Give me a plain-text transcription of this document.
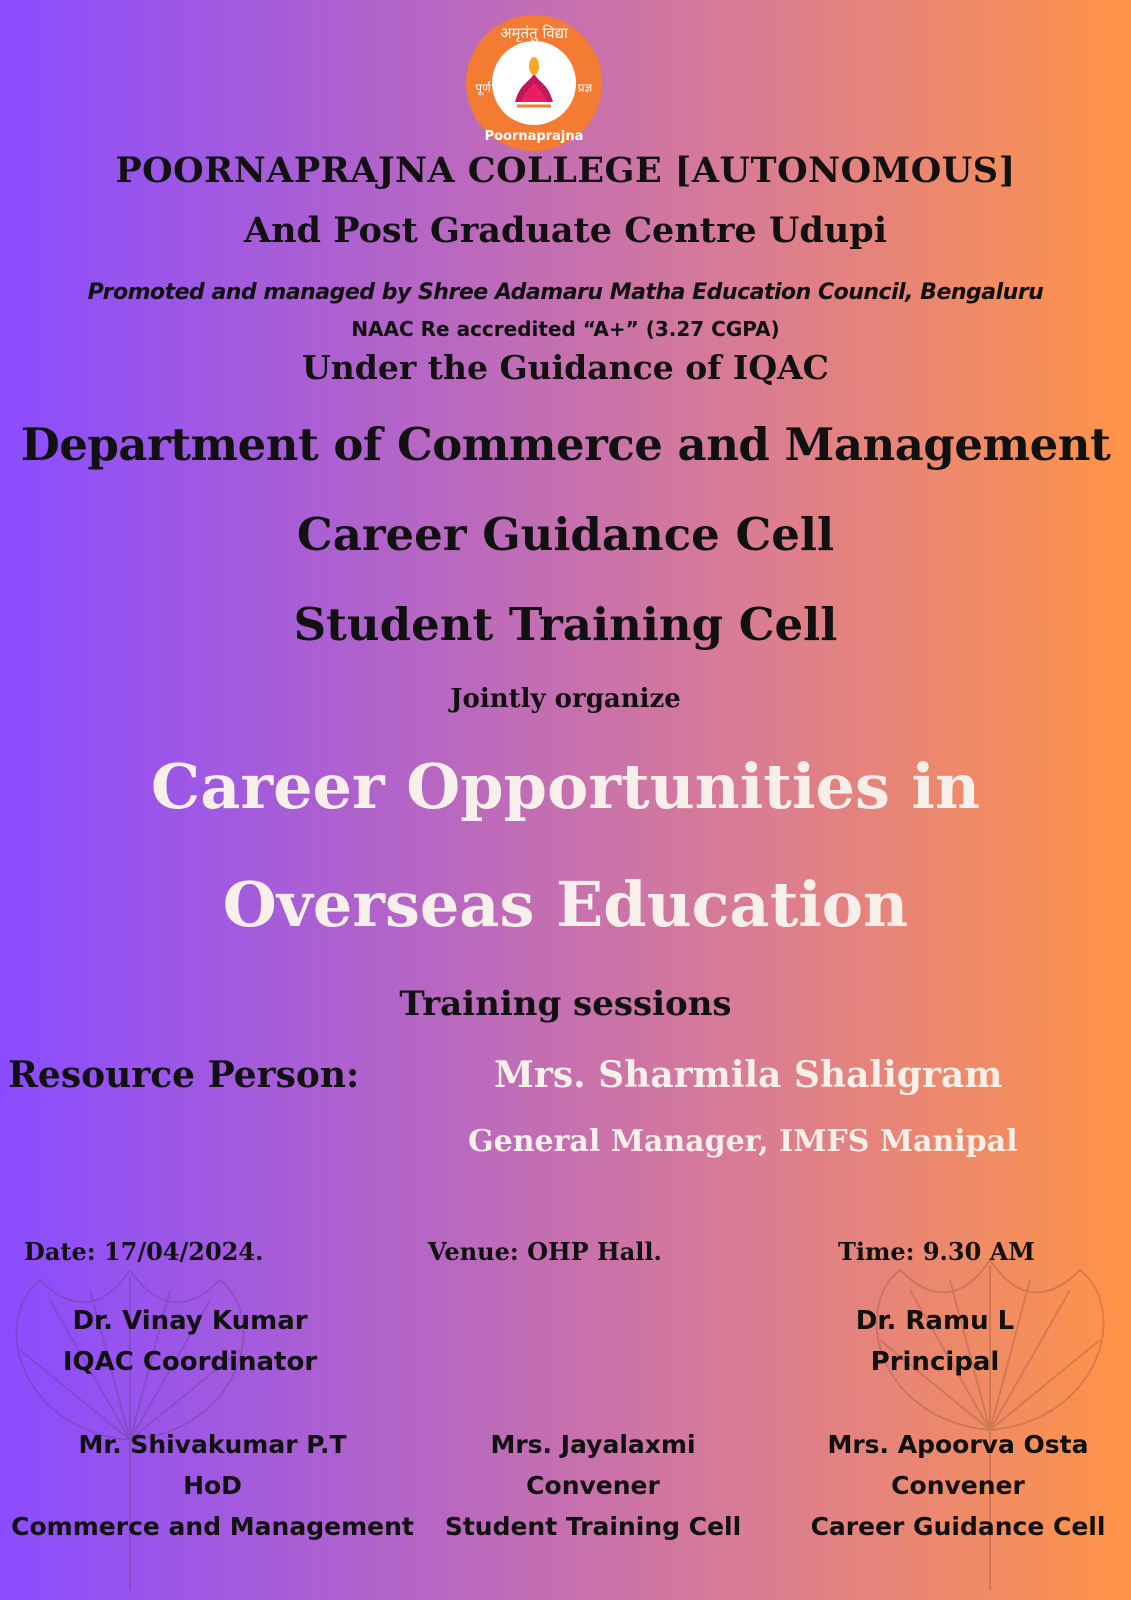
अमृतंतु विद्या
पूर्ण	प्रज्ञ
Poornaprajna
POORNAPRAJNA COLLEGE [AUTONOMOUS]
And Post Graduate Centre Udupi

Promoted and managed by Shree Adamaru Matha Education Council, Bengaluru

NAAC Re accredited “A+” (3.27 CGPA)

Under the Guidance of IQAC

Department of Commerce and Management

Career Guidance Cell

Student Training Cell

Jointly organize

Career Opportunities in

Overseas Education

Training sessions

Resource Person:	Mrs. Sharmila Shaligram

General Manager, IMFS Manipal

Date: 17/04/2024.	Venue: OHP Hall.	Time: 9.30 AM

Dr. Vinay Kumar
IQAC Coordinator
Dr. Ramu L
Principal
Mr. Shivakumar P.T
HoD
Commerce and Management
Mrs. Jayalaxmi
Convener
Student Training Cell
Mrs. Apoorva Osta
Convener
Career Guidance Cell
